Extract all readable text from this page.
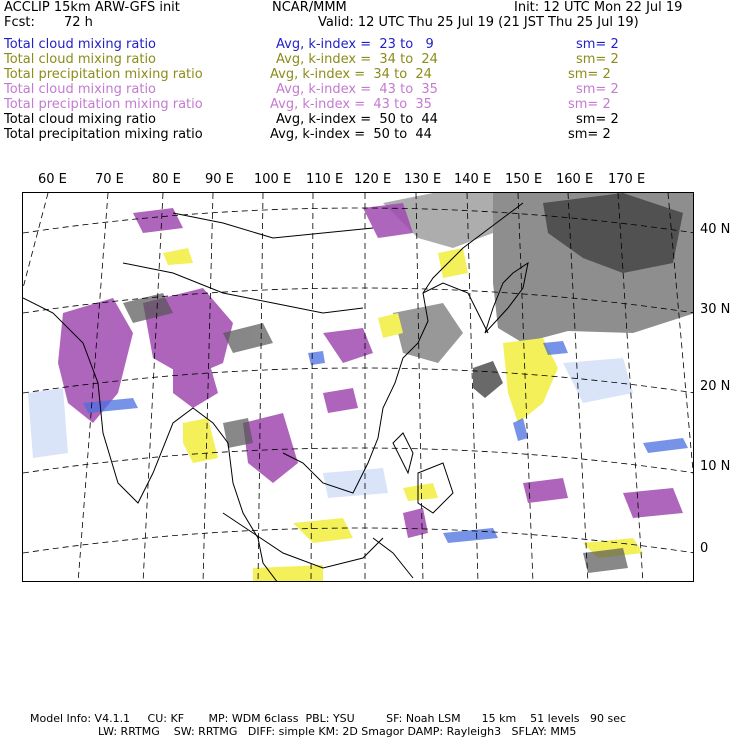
ACCLIP 15km ARW-GFS init	NCAR/MMM	Init: 12 UTC Mon 22 Jul 19
Fcst: 72 h	Valid: 12 UTC Thu 25 Jul 19 (21 JST Thu 25 Jul 19)
Total cloud mixing ratio	Avg, k-index =  23 to   9	sm= 2
Total cloud mixing ratio	Avg, k-index =  34 to  24	sm= 2
Total precipitation mixing ratio	Avg, k-index =  34 to  24	sm= 2
Total cloud mixing ratio	Avg, k-index =  43 to  35	sm= 2
Total precipitation mixing ratio	Avg, k-index =  43 to  35	sm= 2
Total cloud mixing ratio	Avg, k-index =  50 to  44	sm= 2
Total precipitation mixing ratio	Avg, k-index =  50 to  44	sm= 2
60 E 70 E 80 E 90 E 100 E 110 E 120 E 130 E 140 E 150 E 160 E 170 E
40 N
30 N
20 N
10 N
0
Model Info: V4.1.1     CU: KF       MP: WDM 6class  PBL: YSU         SF: Noah LSM      15 km    51 levels   90 sec
LW: RRTMG    SW: RRTMG   DIFF: simple KM: 2D Smagor DAMP: Rayleigh3   SFLAY: MM5
